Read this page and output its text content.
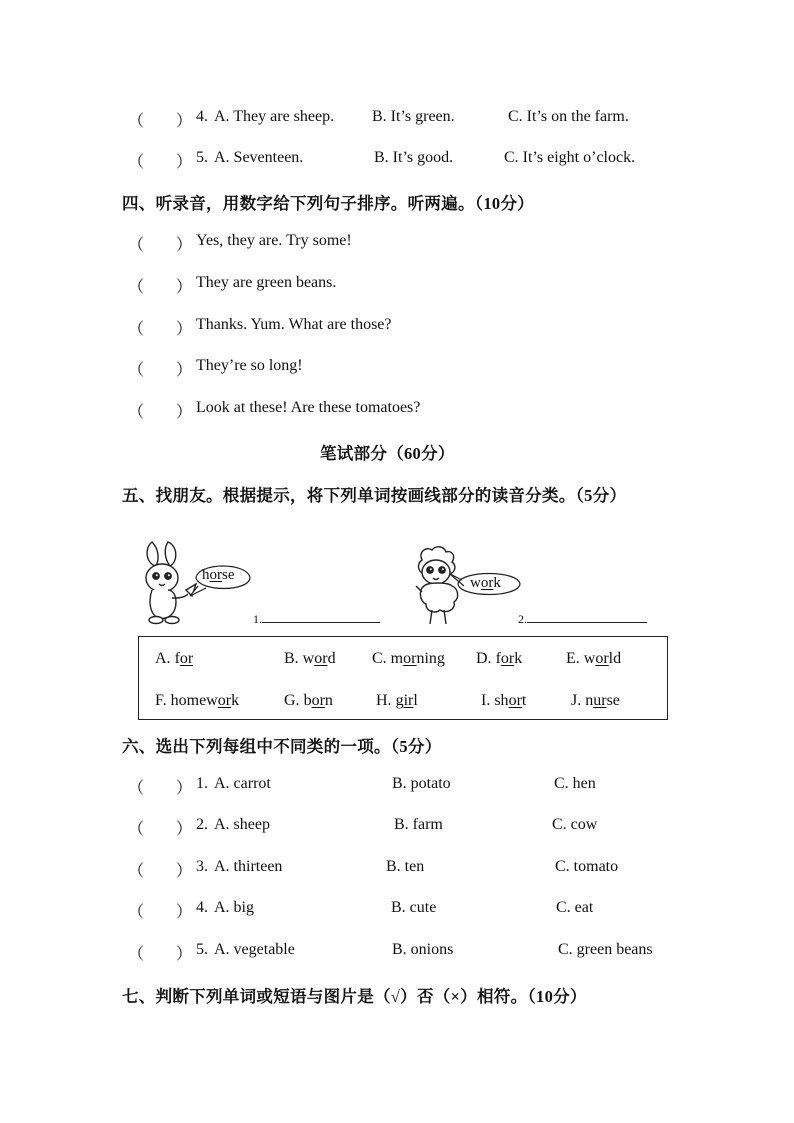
（ ） 4. A. They are sheep. B. It’s green.	C. It’s on the farm.
（ ） 5. A. Seventeen.	B. It’s good.	C. It’s eight o’clock.
四、听录音，用数字给下列句子排序。听两遍。（10分）
（ ） Yes, they are. Try some!
（ ） They are green beans.
（ ） Thanks. Yum. What are those?
（ ） They’re so long!
（ ） Look at these! Are these tomatoes?
笔试部分（60分）
五、找朋友。根据提示，将下列单词按画线部分的读音分类。（5分）
horse
1.
work
2.
A. for	B. word C. morning D. fork	E. world
F. homework	G. born	H. girl	I. short	J. nurse
六、选出下列每组中不同类的一项。（5分）
（ ） 1. A. carrot	B. potato	C. hen
（ ） 2. A. sheep	B. farm	C. cow
（ ） 3. A. thirteen	B. ten	C. tomato
（ ） 4. A. big	B. cute	C. eat
（ ） 5. A. vegetable	B. onions	C. green beans
七、判断下列单词或短语与图片是（√）否（×）相符。（10分）
